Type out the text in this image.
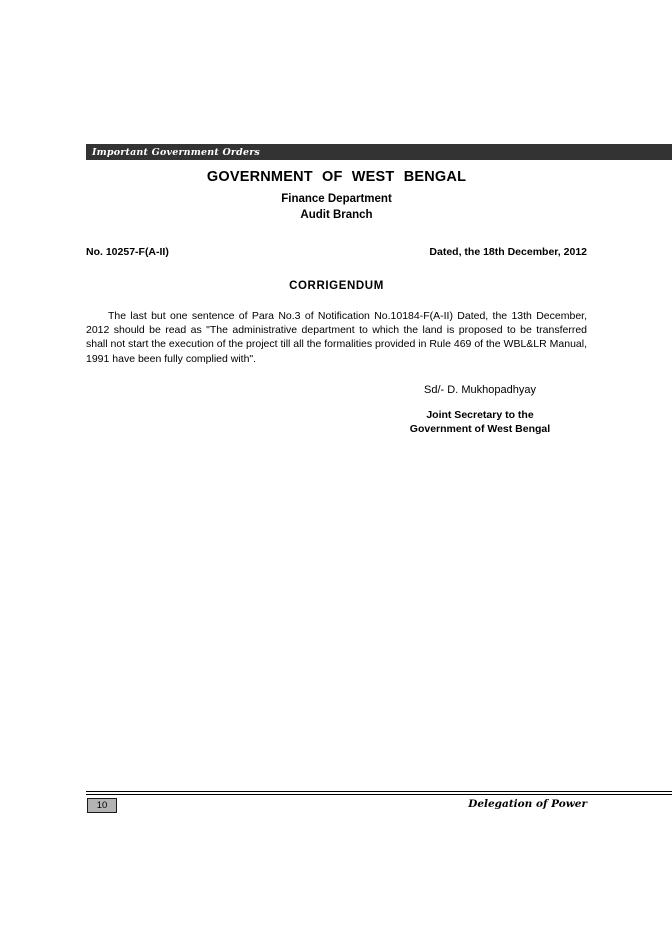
Important Government Orders
GOVERNMENT OF WEST BENGAL
Finance Department
Audit Branch
No. 10257-F(A-II)	Dated, the 18th December, 2012
CORRIGENDUM

The last but one sentence of Para No.3 of Notification No.10184-F(A-II) Dated, the 13th December, 2012 should be read as "The administrative department to which the land is proposed to be transferred shall not start the execution of the project till all the formalities provided in Rule 469 of the WBL&LR Manual, 1991 have been fully complied with".

Sd/- D. Mukhopadhyay
Joint Secretary to the
Government of West Bengal
10	Delegation of Power
